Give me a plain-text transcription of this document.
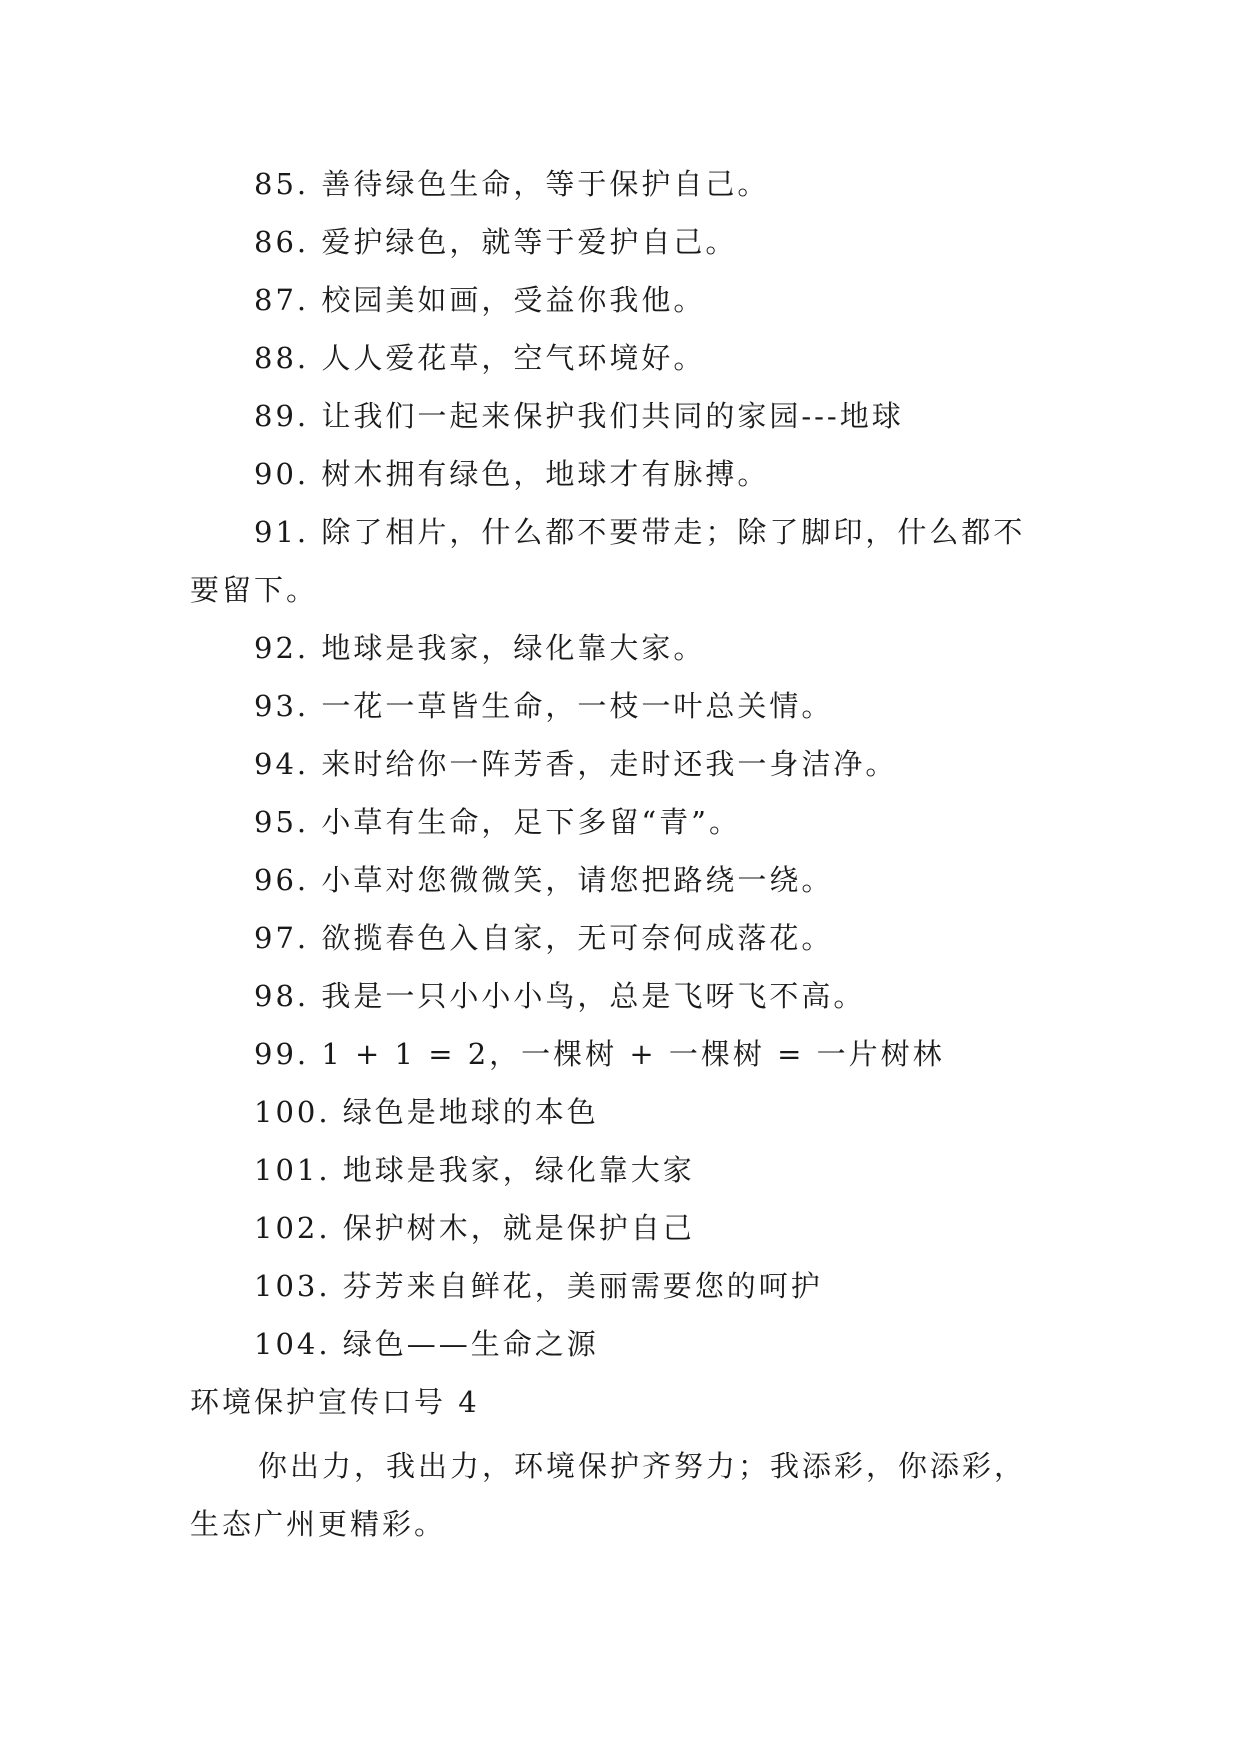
85. 善待绿色生命，等于保护自己。
86. 爱护绿色，就等于爱护自己。
87. 校园美如画，受益你我他。
88. 人人爱花草，空气环境好。
89. 让我们一起来保护我们共同的家园---地球
90. 树木拥有绿色，地球才有脉搏。
91. 除了相片，什么都不要带走；除了脚印，什么都不
要留下。
92. 地球是我家，绿化靠大家。
93. 一花一草皆生命，一枝一叶总关情。
94. 来时给你一阵芳香，走时还我一身洁净。
95. 小草有生命，足下多留“青”。
96. 小草对您微微笑，请您把路绕一绕。
97. 欲揽春色入自家，无可奈何成落花。
98. 我是一只小小小鸟，总是飞呀飞不高。
99. 1 + 1 = 2，一棵树 + 一棵树 = 一片树林
100. 绿色是地球的本色
101. 地球是我家，绿化靠大家
102. 保护树木，就是保护自己
103. 芬芳来自鲜花，美丽需要您的呵护
104. 绿色——生命之源
环境保护宣传口号 4
你出力，我出力，环境保护齐努力；我添彩，你添彩，
生态广州更精彩。
